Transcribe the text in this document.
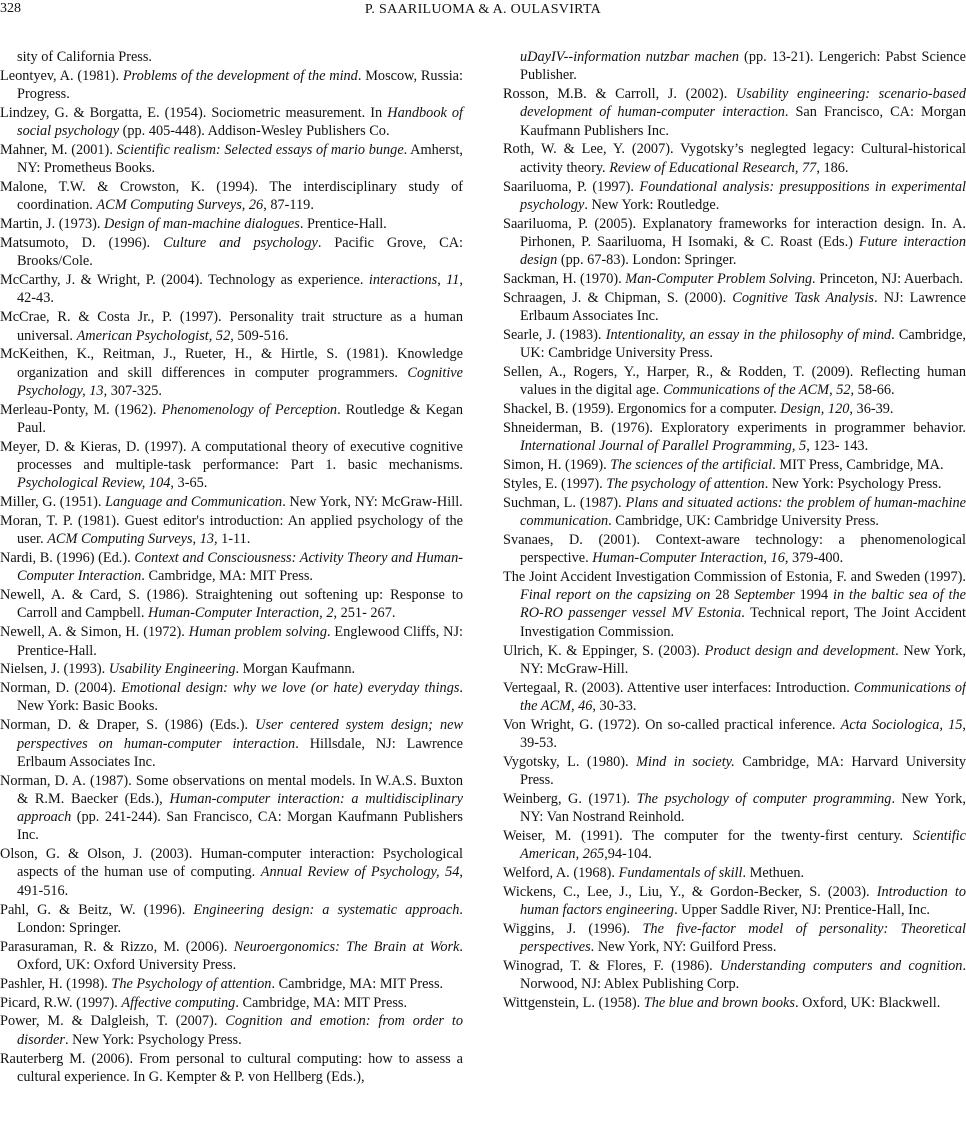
328	P. SAARILUOMA & A. OULASVIRTA

sity of California Press.

Leontyev, A. (1981). Problems of the development of the mind. Moscow, Russia: Progress.

Lindzey, G. & Borgatta, E. (1954). Sociometric measurement. In Handbook of social psychology (pp. 405-448). Addison-Wesley Publishers Co.

Mahner, M. (2001). Scientific realism: Selected essays of mario bunge. Amherst, NY: Prometheus Books.

Malone, T.W. & Crowston, K. (1994). The interdisciplinary study of coordination. ACM Computing Surveys, 26, 87-119.

Martin, J. (1973). Design of man-machine dialogues. Prentice-Hall.

Matsumoto, D. (1996). Culture and psychology. Pacific Grove, CA: Brooks/Cole.

McCarthy, J. & Wright, P. (2004). Technology as experience. interactions, 11, 42-43.

McCrae, R. & Costa Jr., P. (1997). Personality trait structure as a human universal. American Psychologist, 52, 509-516.

McKeithen, K., Reitman, J., Rueter, H., & Hirtle, S. (1981). Knowledge organization and skill differences in computer programmers. Cognitive Psychology, 13, 307-325.

Merleau-Ponty, M. (1962). Phenomenology of Perception. Routledge & Kegan Paul.

Meyer, D. & Kieras, D. (1997). A computational theory of executive cognitive processes and multiple-task performance: Part 1. basic mechanisms. Psychological Review, 104, 3-65.

Miller, G. (1951). Language and Communication. New York, NY: McGraw-Hill.

Moran, T. P. (1981). Guest editor's introduction: An applied psychology of the user. ACM Computing Surveys, 13, 1-11.

Nardi, B. (1996) (Ed.). Context and Consciousness: Activity Theory and Human-Computer Interaction. Cambridge, MA: MIT Press.

Newell, A. & Card, S. (1986). Straightening out softening up: Response to Carroll and Campbell. Human-Computer Interaction, 2, 251- 267.

Newell, A. & Simon, H. (1972). Human problem solving. Englewood Cliffs, NJ: Prentice-Hall.

Nielsen, J. (1993). Usability Engineering. Morgan Kaufmann.

Norman, D. (2004). Emotional design: why we love (or hate) everyday things. New York: Basic Books.

Norman, D. & Draper, S. (1986) (Eds.). User centered system design; new perspectives on human-computer interaction. Hillsdale, NJ: Lawrence Erlbaum Associates Inc.

Norman, D. A. (1987). Some observations on mental models. In W.A.S. Buxton & R.M. Baecker (Eds.), Human-computer interaction: a multidisciplinary approach (pp. 241-244). San Francisco, CA: Morgan Kaufmann Publishers Inc.

Olson, G. & Olson, J. (2003). Human-computer interaction: Psychological aspects of the human use of computing. Annual Review of Psychology, 54, 491-516.

Pahl, G. & Beitz, W. (1996). Engineering design: a systematic approach. London: Springer.

Parasuraman, R. & Rizzo, M. (2006). Neuroergonomics: The Brain at Work. Oxford, UK: Oxford University Press.

Pashler, H. (1998). The Psychology of attention. Cambridge, MA: MIT Press.

Picard, R.W. (1997). Affective computing. Cambridge, MA: MIT Press.

Power, M. & Dalgleish, T. (2007). Cognition and emotion: from order to disorder. New York: Psychology Press.

Rauterberg M. (2006). From personal to cultural computing: how to assess a cultural experience. In G. Kempter & P. von Hellberg (Eds.),

uDayIV--information nutzbar machen (pp. 13-21). Lengerich: Pabst Science Publisher.

Rosson, M.B. & Carroll, J. (2002). Usability engineering: scenario-based development of human-computer interaction. San Francisco, CA: Morgan Kaufmann Publishers Inc.

Roth, W. & Lee, Y. (2007). Vygotsky’s neglegted legacy: Cultural-historical activity theory. Review of Educational Research, 77, 186.

Saariluoma, P. (1997). Foundational analysis: presuppositions in experimental psychology. New York: Routledge.

Saariluoma, P. (2005). Explanatory frameworks for interaction design. In. A. Pirhonen, P. Saariluoma, H Isomaki, & C. Roast (Eds.) Future interaction design (pp. 67-83). London: Springer.

Sackman, H. (1970). Man-Computer Problem Solving. Princeton, NJ: Auerbach.

Schraagen, J. & Chipman, S. (2000). Cognitive Task Analysis. NJ: Lawrence Erlbaum Associates Inc.

Searle, J. (1983). Intentionality, an essay in the philosophy of mind. Cambridge, UK: Cambridge University Press.

Sellen, A., Rogers, Y., Harper, R., & Rodden, T. (2009). Reflecting human values in the digital age. Communications of the ACM, 52, 58-66.

Shackel, B. (1959). Ergonomics for a computer. Design, 120, 36-39.

Shneiderman, B. (1976). Exploratory experiments in programmer behavior. International Journal of Parallel Programming, 5, 123- 143.

Simon, H. (1969). The sciences of the artificial. MIT Press, Cambridge, MA.

Styles, E. (1997). The psychology of attention. New York: Psychology Press.

Suchman, L. (1987). Plans and situated actions: the problem of human-machine communication. Cambridge, UK: Cambridge University Press.

Svanaes, D. (2001). Context-aware technology: a phenomenological perspective. Human-Computer Interaction, 16, 379-400.

The Joint Accident Investigation Commission of Estonia, F. and Sweden (1997). Final report on the capsizing on 28 September 1994 in the baltic sea of the RO-RO passenger vessel MV Estonia. Technical report, The Joint Accident Investigation Commission.

Ulrich, K. & Eppinger, S. (2003). Product design and development. New York, NY: McGraw-Hill.

Vertegaal, R. (2003). Attentive user interfaces: Introduction. Communications of the ACM, 46, 30-33.

Von Wright, G. (1972). On so-called practical inference. Acta Sociologica, 15, 39-53.

Vygotsky, L. (1980). Mind in society. Cambridge, MA: Harvard University Press.

Weinberg, G. (1971). The psychology of computer programming. New York, NY: Van Nostrand Reinhold.

Weiser, M. (1991). The computer for the twenty-first century. Scientific American, 265,94-104.

Welford, A. (1968). Fundamentals of skill. Methuen.

Wickens, C., Lee, J., Liu, Y., & Gordon-Becker, S. (2003). Introduction to human factors engineering. Upper Saddle River, NJ: Prentice-Hall, Inc.

Wiggins, J. (1996). The five-factor model of personality: Theoretical perspectives. New York, NY: Guilford Press.

Winograd, T. & Flores, F. (1986). Understanding computers and cognition. Norwood, NJ: Ablex Publishing Corp.

Wittgenstein, L. (1958). The blue and brown books. Oxford, UK: Blackwell.
